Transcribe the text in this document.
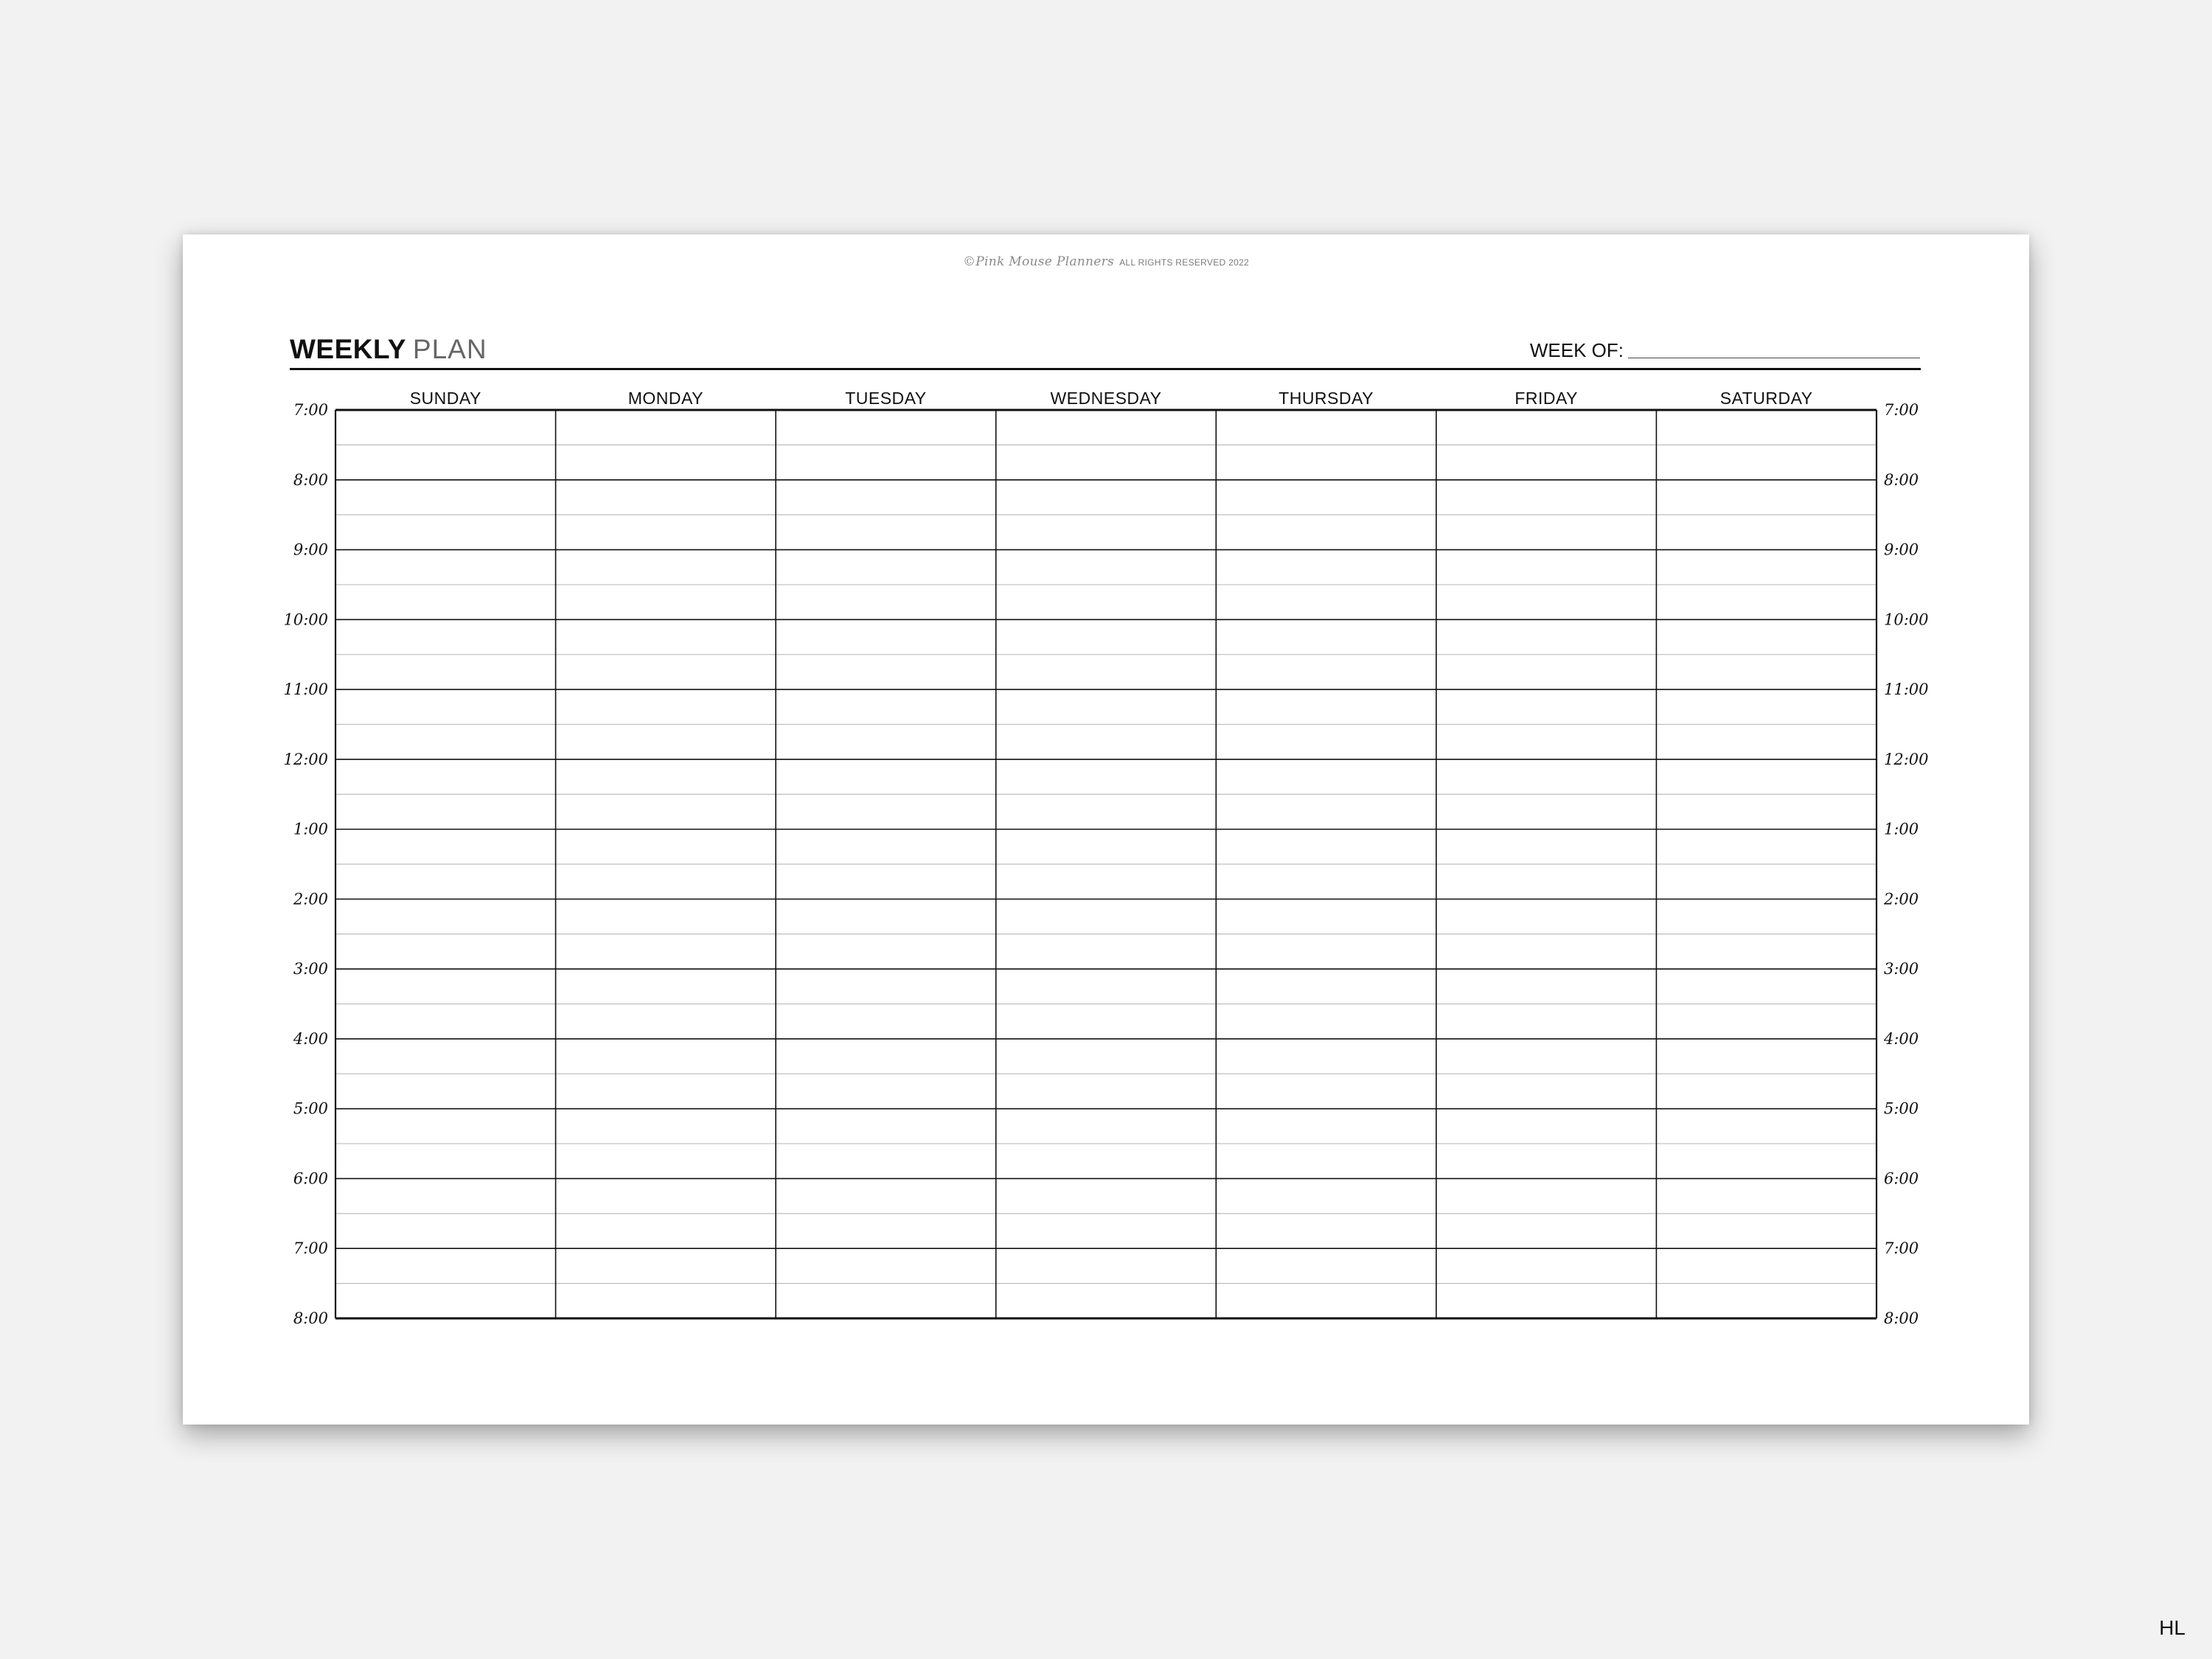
©Pink Mouse Planners ALL RIGHTS RESERVED 2022
WEEKLY PLAN	WEEK OF:
SUNDAY	MONDAY	TUESDAY	WEDNESDAY	THURSDAY	FRIDAY	SATURDAY
7:00	7:00
8:00	8:00
9:00	9:00
10:00	10:00
11:00	11:00
12:00	12:00
1:00	1:00
2:00	2:00
3:00	3:00
4:00	4:00
5:00	5:00
6:00	6:00
7:00	7:00
8:00	8:00
HL
